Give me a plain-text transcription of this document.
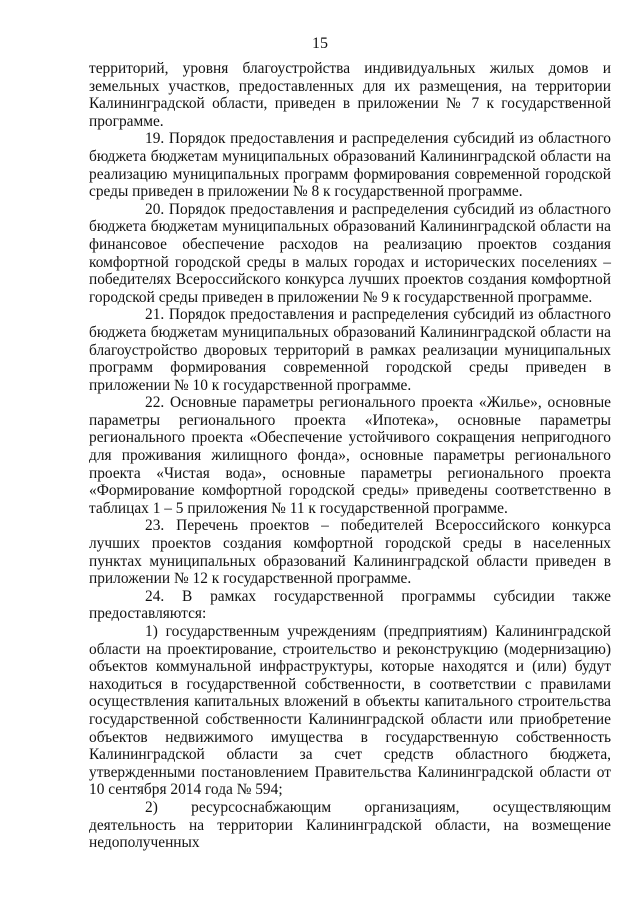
15

территорий, уровня благоустройства индивидуальных жилых домов и земельных участков, предоставленных для их размещения, на территории Калининградской области, приведен в приложении № 7 к государственной программе.

19. Порядок предоставления и распределения субсидий из областного бюджета бюджетам муниципальных образований Калининградской области на реализацию муниципальных программ формирования современной городской среды приведен в приложении № 8 к государственной программе.

20. Порядок предоставления и распределения субсидий из областного бюджета бюджетам муниципальных образований Калининградской области на финансовое обеспечение расходов на реализацию проектов создания комфортной городской среды в малых городах и исторических поселениях – победителях Всероссийского конкурса лучших проектов создания комфортной городской среды приведен в приложении № 9 к государственной программе.

21. Порядок предоставления и распределения субсидий из областного бюджета бюджетам муниципальных образований Калининградской области на благоустройство дворовых территорий в рамках реализации муниципальных программ формирования современной городской среды приведен в приложении № 10 к государственной программе.

22. Основные параметры регионального проекта «Жилье», основные параметры регионального проекта «Ипотека», основные параметры регионального проекта «Обеспечение устойчивого сокращения непригодного для проживания жилищного фонда», основные параметры регионального проекта «Чистая вода», основные параметры регионального проекта «Формирование комфортной городской среды» приведены соответственно в таблицах 1 – 5 приложения № 11 к государственной программе.

23. Перечень проектов – победителей Всероссийского конкурса лучших проектов создания комфортной городской среды в населенных пунктах муниципальных образований Калининградской области приведен в приложении № 12 к государственной программе.

24. В рамках государственной программы субсидии также предоставляются:

1) государственным учреждениям (предприятиям) Калининградской области на проектирование, строительство и реконструкцию (модернизацию) объектов коммунальной инфраструктуры, которые находятся и (или) будут находиться в государственной собственности, в соответствии с правилами осуществления капитальных вложений в объекты капитального строительства государственной собственности Калининградской области или приобретение объектов недвижимого имущества в государственную собственность Калининградской области за счет средств областного бюджета, утвержденными постановлением Правительства Калининградской области от 10 сентября 2014 года № 594;

2) ресурсоснабжающим организациям, осуществляющим деятельность на территории Калининградской области, на возмещение недополученных
